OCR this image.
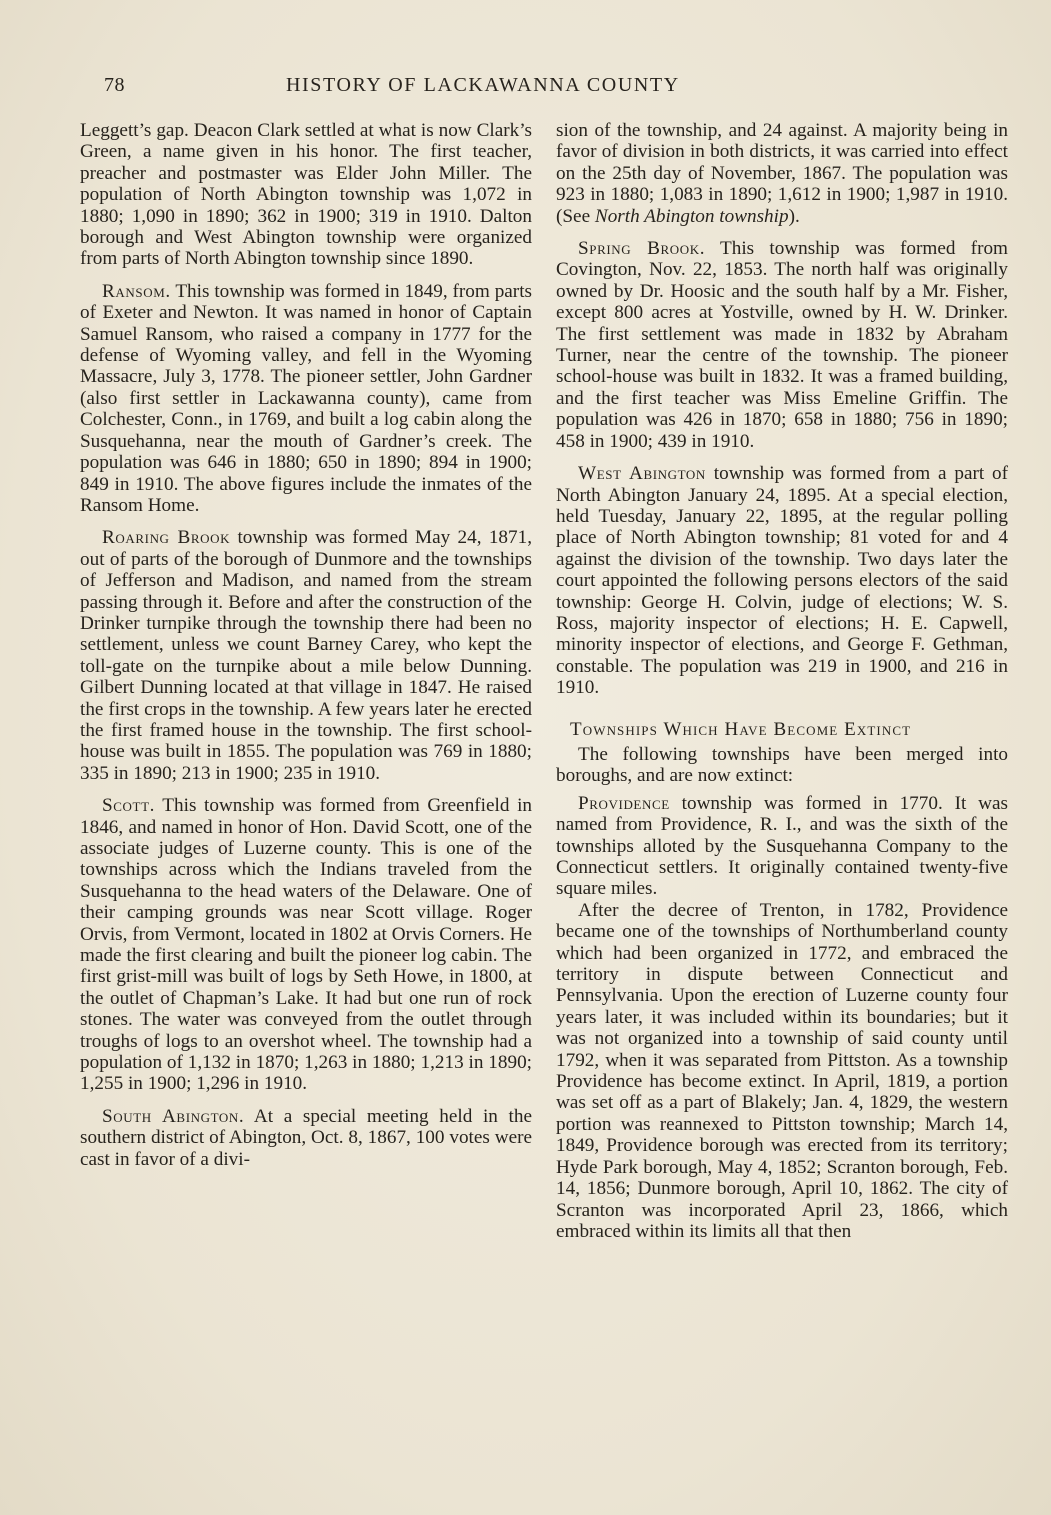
78	HISTORY OF LACKAWANNA COUNTY

Leggett’s gap. Deacon Clark settled at what is now Clark’s Green, a name given in his honor. The first teacher, preacher and postmaster was Elder John Miller. The population of North Abington township was 1,072 in 1880; 1,090 in 1890; 362 in 1900; 319 in 1910. Dalton borough and West Abington township were organized from parts of North Abington township since 1890.

Ransom. This township was formed in 1849, from parts of Exeter and Newton. It was named in honor of Captain Samuel Ransom, who raised a company in 1777 for the defense of Wyoming valley, and fell in the Wyoming Massacre, July 3, 1778. The pioneer settler, John Gardner (also first settler in Lackawanna county), came from Colchester, Conn., in 1769, and built a log cabin along the Susquehanna, near the mouth of Gardner’s creek. The population was 646 in 1880; 650 in 1890; 894 in 1900; 849 in 1910. The above figures include the inmates of the Ransom Home.

Roaring Brook township was formed May 24, 1871, out of parts of the borough of Dunmore and the townships of Jefferson and Madison, and named from the stream passing through it. Before and after the construction of the Drinker turnpike through the township there had been no settlement, unless we count Barney Carey, who kept the toll-gate on the turnpike about a mile below Dunning. Gilbert Dunning located at that village in 1847. He raised the first crops in the township. A few years later he erected the first framed house in the township. The first school-house was built in 1855. The population was 769 in 1880; 335 in 1890; 213 in 1900; 235 in 1910.

Scott. This township was formed from Greenfield in 1846, and named in honor of Hon. David Scott, one of the associate judges of Luzerne county. This is one of the townships across which the Indians traveled from the Susquehanna to the head waters of the Delaware. One of their camping grounds was near Scott village. Roger Orvis, from Vermont, located in 1802 at Orvis Corners. He made the first clearing and built the pioneer log cabin. The first grist-mill was built of logs by Seth Howe, in 1800, at the outlet of Chapman’s Lake. It had but one run of rock stones. The water was conveyed from the outlet through troughs of logs to an overshot wheel. The township had a population of 1,132 in 1870; 1,263 in 1880; 1,213 in 1890; 1,255 in 1900; 1,296 in 1910.

South Abington. At a special meeting held in the southern district of Abington, Oct. 8, 1867, 100 votes were cast in favor of a divi-

sion of the township, and 24 against. A majority being in favor of division in both districts, it was carried into effect on the 25th day of November, 1867. The population was 923 in 1880; 1,083 in 1890; 1,612 in 1900; 1,987 in 1910. (See North Abington township).

Spring Brook. This township was formed from Covington, Nov. 22, 1853. The north half was originally owned by Dr. Hoosic and the south half by a Mr. Fisher, except 800 acres at Yostville, owned by H. W. Drinker. The first settlement was made in 1832 by Abraham Turner, near the centre of the township. The pioneer school-house was built in 1832. It was a framed building, and the first teacher was Miss Emeline Griffin. The population was 426 in 1870; 658 in 1880; 756 in 1890; 458 in 1900; 439 in 1910.

West Abington township was formed from a part of North Abington January 24, 1895. At a special election, held Tuesday, January 22, 1895, at the regular polling place of North Abington township; 81 voted for and 4 against the division of the township. Two days later the court appointed the following persons electors of the said township: George H. Colvin, judge of elections; W. S. Ross, majority inspector of elections; H. E. Capwell, minority inspector of elections, and George F. Gethman, constable. The population was 219 in 1900, and 216 in 1910.

Townships Which Have Become Extinct

The following townships have been merged into boroughs, and are now extinct:

Providence township was formed in 1770. It was named from Providence, R. I., and was the sixth of the townships alloted by the Susquehanna Company to the Connecticut settlers. It originally contained twenty-five square miles.

After the decree of Trenton, in 1782, Providence became one of the townships of Northumberland county which had been organized in 1772, and embraced the territory in dispute between Connecticut and Pennsylvania. Upon the erection of Luzerne county four years later, it was included within its boundaries; but it was not organized into a township of said county until 1792, when it was separated from Pittston. As a township Providence has become extinct. In April, 1819, a portion was set off as a part of Blakely; Jan. 4, 1829, the western portion was reannexed to Pittston township; March 14, 1849, Providence borough was erected from its territory; Hyde Park borough, May 4, 1852; Scranton borough, Feb. 14, 1856; Dunmore borough, April 10, 1862. The city of Scranton was incorporated April 23, 1866, which embraced within its limits all that then
